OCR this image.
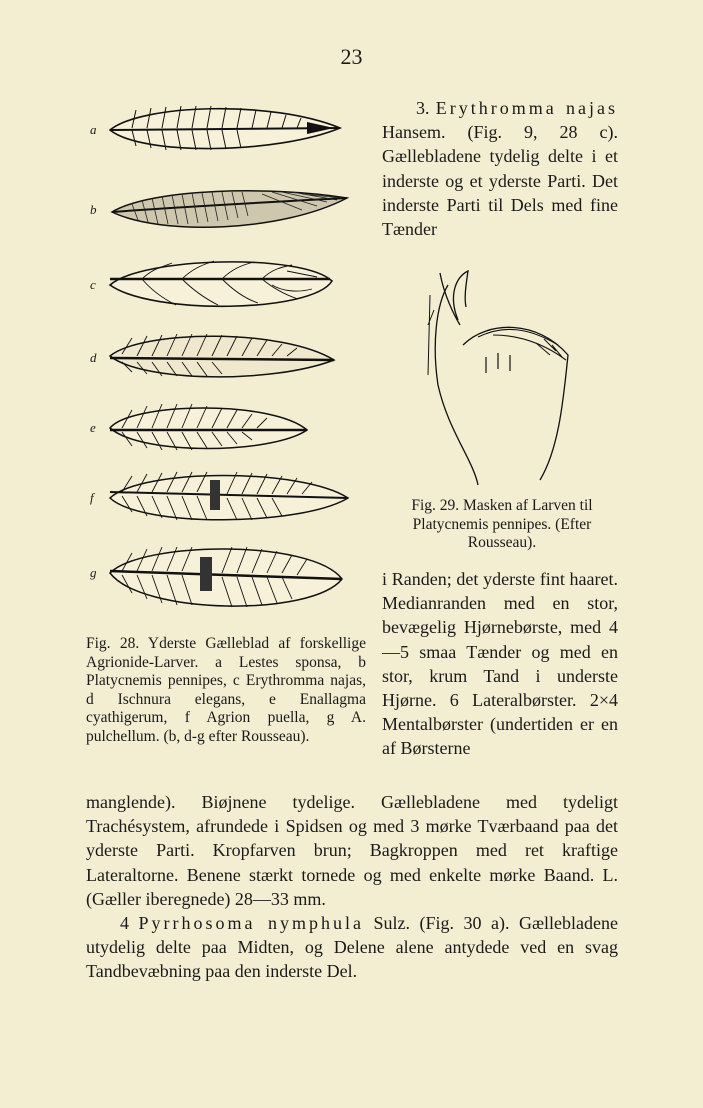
23
a
b
c
d
e
f
g

Fig. 28. Yderste Gælleblad af forskellige Agrionide-Larver. a Lestes sponsa, b Platycnemis pennipes, c Erythromma najas, d Ischnura elegans, e Enallagma cyathigerum, f Agrion puella, g A. pulchellum. (b, d-g efter Rousseau).

3. Erythromma najas Hansem. (Fig. 9, 28 c). Gællebladene tydelig delte i et inderste og et yderste Parti. Det inderste Parti til Dels med fine Tænder

Fig. 29. Masken af Larven til Platycnemis pennipes. (Efter Rousseau).

i Randen; det yderste fint haaret. Medianranden med en stor, bevægelig Hjørnebørste, med 4—5 smaa Tænder og med en stor, krum Tand i underste Hjørne. 6 Lateralbørster. 2×4 Mentalbørster (undertiden er en af Børsterne

manglende). Biøjnene tydelige. Gællebladene med tydeligt Trachésystem, afrundede i Spidsen og med 3 mørke Tværbaand paa det yderste Parti. Kropfarven brun; Bagkroppen med ret kraftige Lateraltorne. Benene stærkt tornede og med enkelte mørke Baand. L. (Gæller iberegnede) 28—33 mm.

4 Pyrrhosoma nymphula Sulz. (Fig. 30 a). Gællebladene utydelig delte paa Midten, og Delene alene antydede ved en svag Tandbevæbning paa den inderste Del.
